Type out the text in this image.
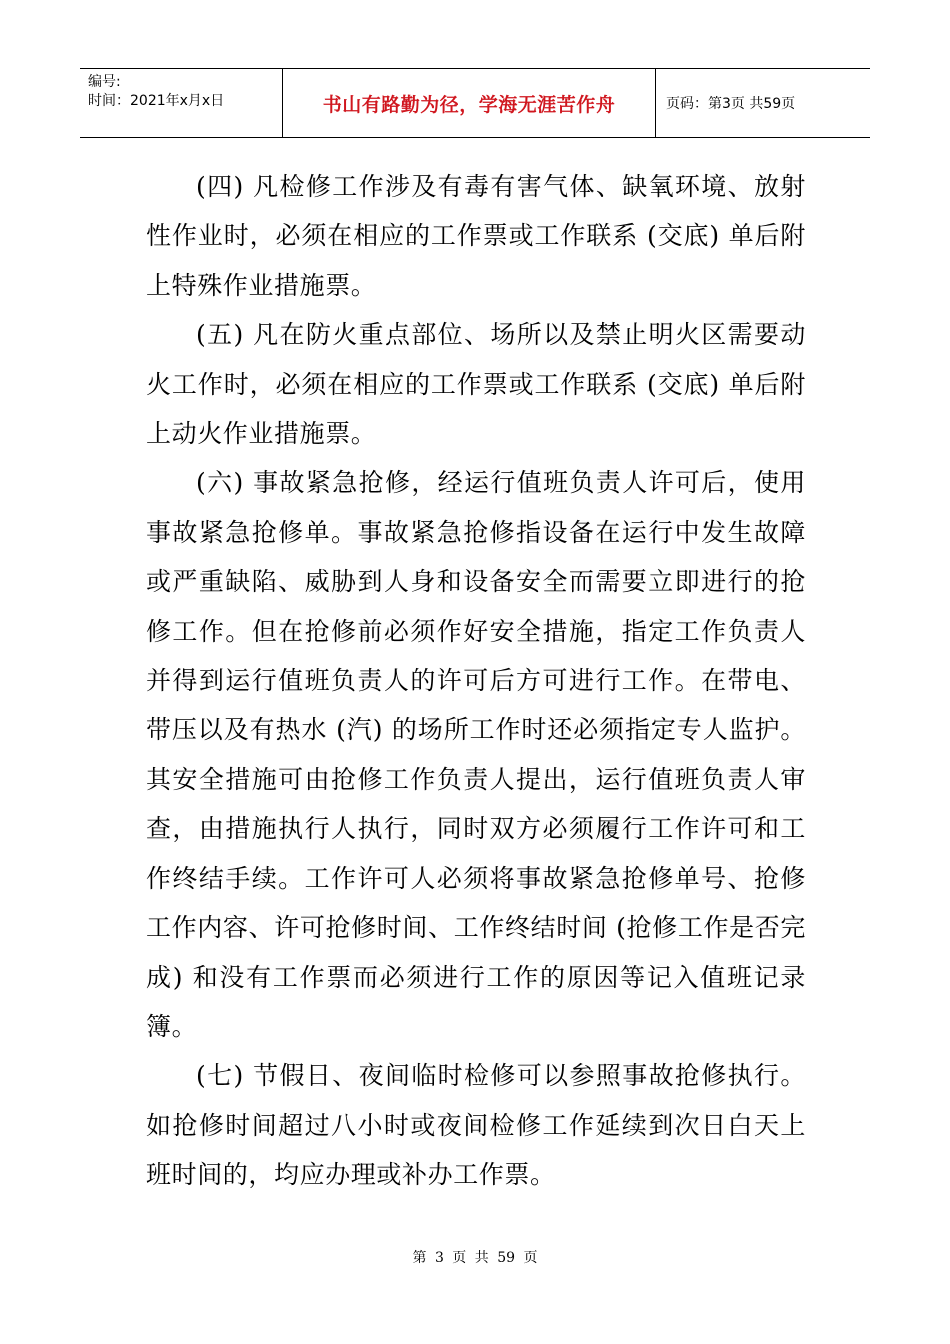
编号:
时间：2021年x月x日	书山有路勤为径，学海无涯苦作舟	页码：第3页 共59页

(四) 凡检修工作涉及有毒有害气体、缺氧环境、放射性作业时，必须在相应的工作票或工作联系 (交底) 单后附上特殊作业措施票。

(五) 凡在防火重点部位、场所以及禁止明火区需要动火工作时，必须在相应的工作票或工作联系 (交底) 单后附上动火作业措施票。

(六) 事故紧急抢修，经运行值班负责人许可后，使用事故紧急抢修单。事故紧急抢修指设备在运行中发生故障或严重缺陷、威胁到人身和设备安全而需要立即进行的抢修工作。但在抢修前必须作好安全措施，指定工作负责人并得到运行值班负责人的许可后方可进行工作。在带电、带压以及有热水 (汽) 的场所工作时还必须指定专人监护。其安全措施可由抢修工作负责人提出，运行值班负责人审查，由措施执行人执行，同时双方必须履行工作许可和工作终结手续。工作许可人必须将事故紧急抢修单号、抢修工作内容、许可抢修时间、工作终结时间 (抢修工作是否完成) 和没有工作票而必须进行工作的原因等记入值班记录簿。

(七) 节假日、夜间临时检修可以参照事故抢修执行。如抢修时间超过八小时或夜间检修工作延续到次日白天上班时间的，均应办理或补办工作票。

第 3 页 共 59 页
